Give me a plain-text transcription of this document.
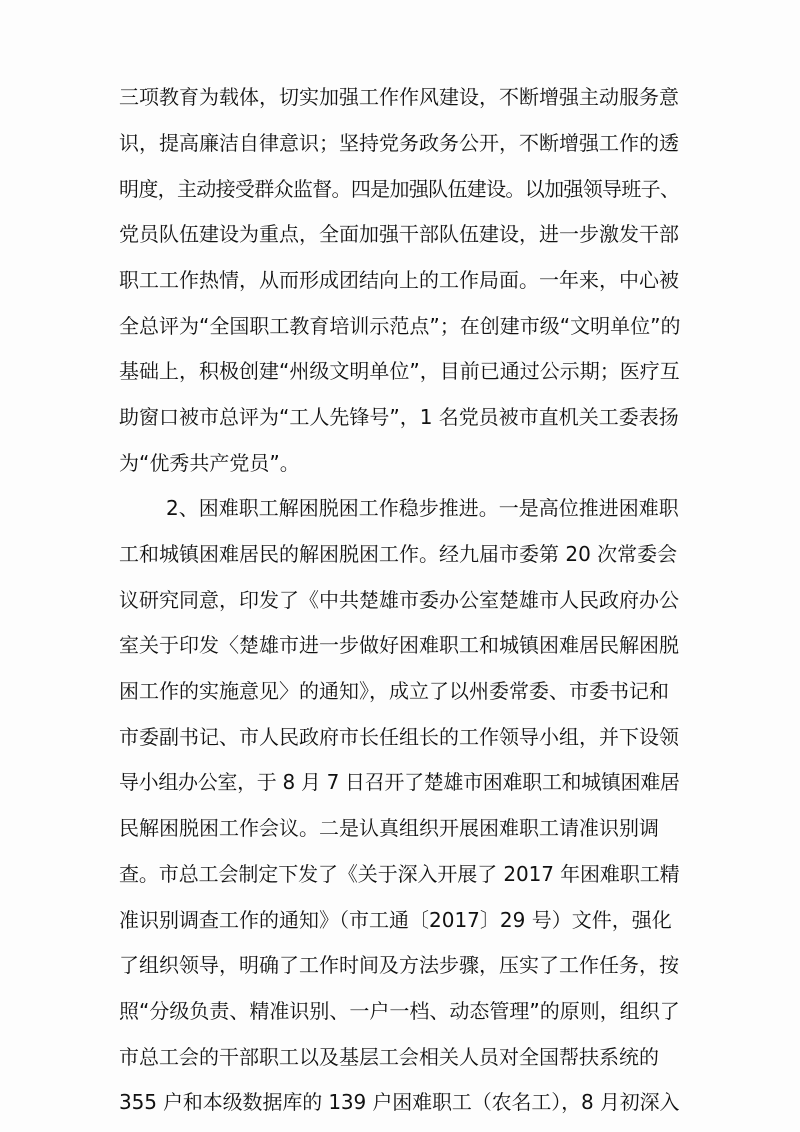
三项教育为载体，切实加强工作作风建设，不断增强主动服务意
识，提高廉洁自律意识；坚持党务政务公开，不断增强工作的透
明度，主动接受群众监督。四是加强队伍建设。以加强领导班子、
党员队伍建设为重点，全面加强干部队伍建设，进一步激发干部
职工工作热情，从而形成团结向上的工作局面。一年来，中心被
全总评为“全国职工教育培训示范点”；在创建市级“文明单位”的
基础上，积极创建“州级文明单位”，目前已通过公示期；医疗互
助窗口被市总评为“工人先锋号”，1 名党员被市直机关工委表扬
为“优秀共产党员”。
2、困难职工解困脱困工作稳步推进。一是高位推进困难职
工和城镇困难居民的解困脱困工作。经九届市委第 20 次常委会
议研究同意，印发了《中共楚雄市委办公室楚雄市人民政府办公
室关于印发〈楚雄市进一步做好困难职工和城镇困难居民解困脱
困工作的实施意见〉的通知》，成立了以州委常委、市委书记和
市委副书记、市人民政府市长任组长的工作领导小组，并下设领
导小组办公室，于 8 月 7 日召开了楚雄市困难职工和城镇困难居
民解困脱困工作会议。二是认真组织开展困难职工请准识别调
查。市总工会制定下发了《关于深入开展了 2017 年困难职工精
准识别调查工作的通知》（市工通〔2017〕29 号）文件，强化
了组织领导，明确了工作时间及方法步骤，压实了工作任务，按
照“分级负责、精准识别、一户一档、动态管理”的原则，组织了
市总工会的干部职工以及基层工会相关人员对全国帮扶系统的
355 户和本级数据库的 139 户困难职工（农名工），8 月初深入
